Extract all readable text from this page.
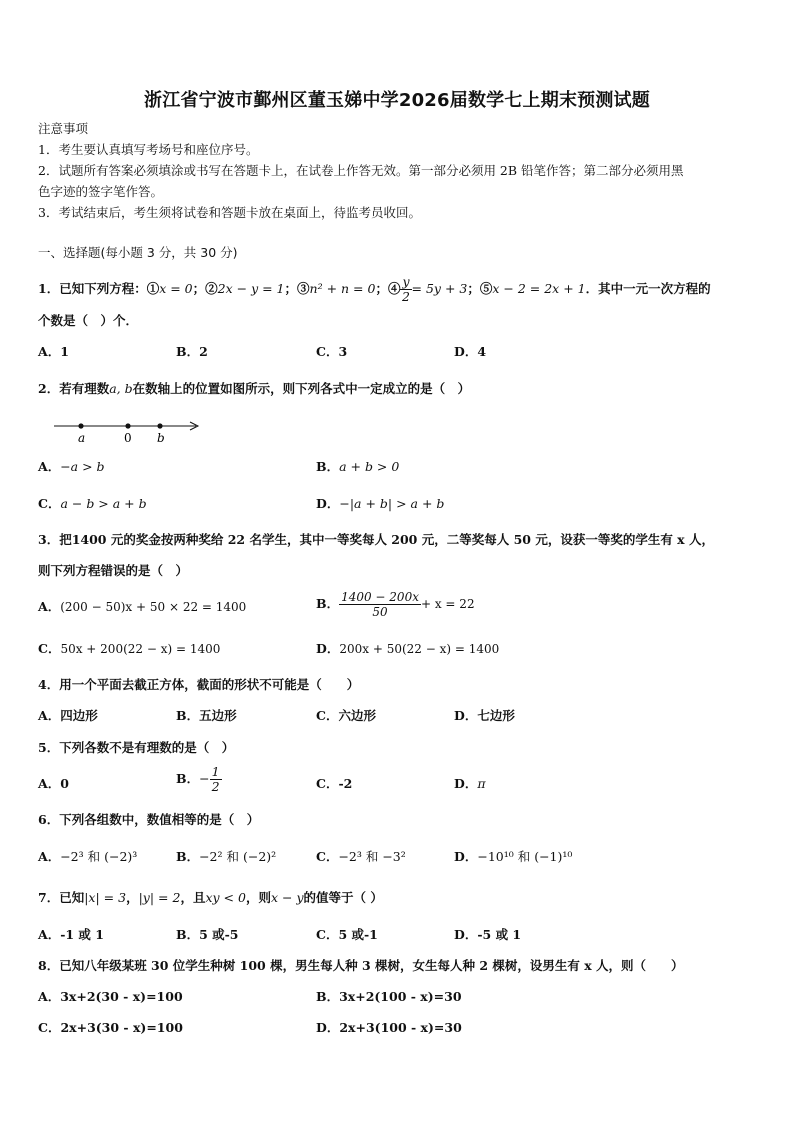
浙江省宁波市鄞州区董玉娣中学2026届数学七上期末预测试题
注意事项
1．考生要认真填写考场号和座位序号。
2．试题所有答案必须填涂或书写在答题卡上，在试卷上作答无效。第一部分必须用 2B 铅笔作答；第二部分必须用黑
色字迹的签字笔作答。
3．考试结束后，考生须将试卷和答题卡放在桌面上，待监考员收回。
一、选择题(每小题 3 分，共 30 分)
1．已知下列方程：①x = 0；②2x − y = 1；③n² + n = 0；④ $\frac{y}{2} = 5y + 3$；⑤x − 2 = 2x + 1．其中一元一次方程的
个数是（　）个．
A．1	B．2	C．3	D．4
2．若有理数a, b在数轴上的位置如图所示，则下列各式中一定成立的是（　）
a	0 b
A．−a > b	B．a + b > 0
C．a − b > a + b	D．−|a + b| > a + b
3．把1400 元的奖金按两种奖给 22 名学生，其中一等奖每人 200 元，二等奖每人 50 元，设获一等奖的学生有 x 人，
则下列方程错误的是（　）
A．(200 − 50)x + 50 × 22 = 1400	B． $\frac{1400 - 200x}{50} + x = 22$
C．50x + 200(22 − x) = 1400	D．200x + 50(22 − x) = 1400
4．用一个平面去截正方体，截面的形状不可能是（　　）
A．四边形	B．五边形	C．六边形	D．七边形
5．下列各数不是有理数的是（　）
A．0	B．− $\frac{1}{2}$	C．-2	D．π
6．下列各组数中，数值相等的是（　）
A．−2³ 和 (−2)³	B．−2² 和 (−2)²	C．−2³ 和 −3²	D．−10¹⁰ 和 (−1)¹⁰
7．已知|x| = 3，|y| = 2，且xy < 0，则x − y的值等于（ ）
A．-1 或 1	B．5 或-5	C．5 或-1	D．-5 或 1
8．已知八年级某班 30 位学生种树 100 棵，男生每人种 3 棵树，女生每人种 2 棵树，设男生有 x 人，则（　　）
A．3x+2(30 - x)=100	B．3x+2(100 - x)=30
C．2x+3(30 - x)=100	D．2x+3(100 - x)=30
